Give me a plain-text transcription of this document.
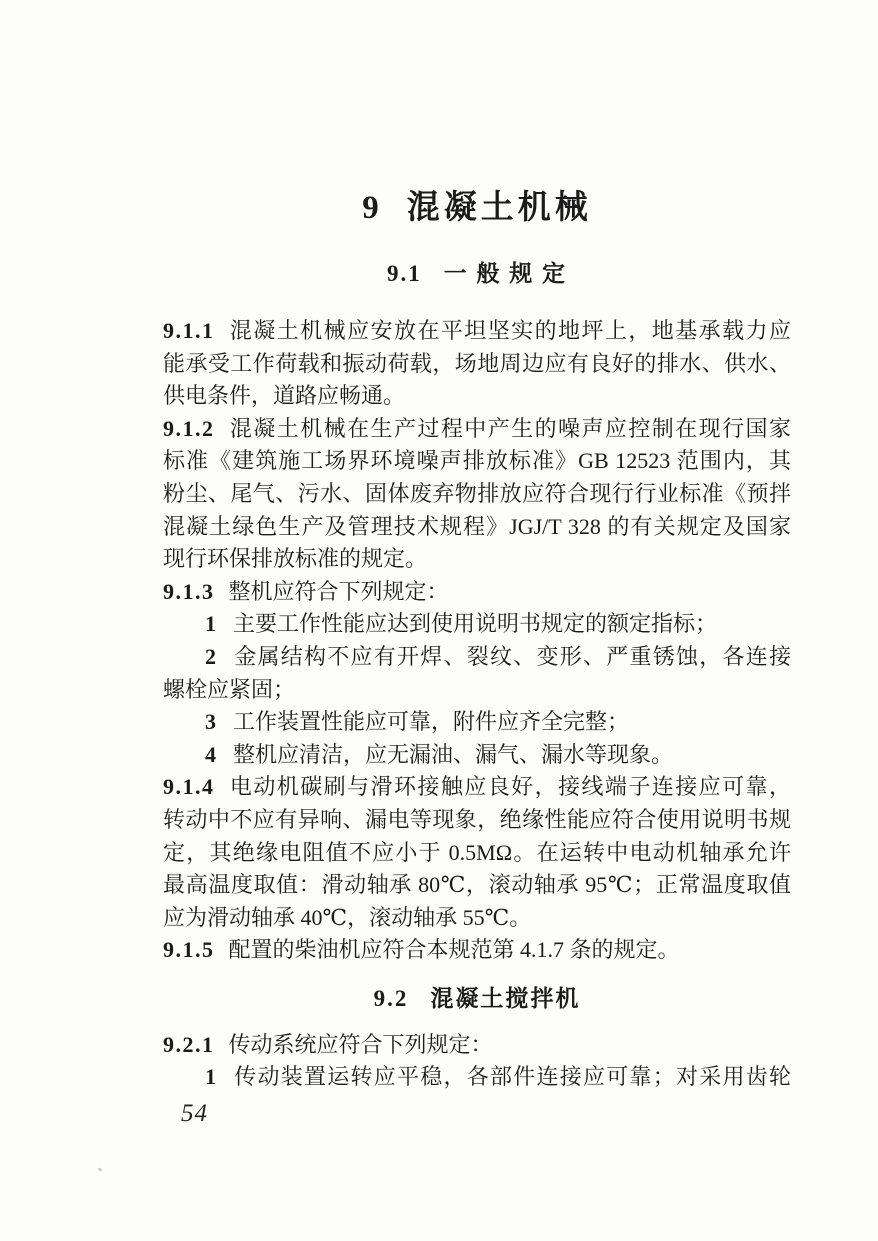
9 混凝土机械
9.1 一 般 规 定
9.1.1 混凝土机械应安放在平坦坚实的地坪上，地基承载力应
能承受工作荷载和振动荷载，场地周边应有良好的排水、供水、
供电条件，道路应畅通。
9.1.2 混凝土机械在生产过程中产生的噪声应控制在现行国家
标准《建筑施工场界环境噪声排放标准》GB 12523 范围内，其
粉尘、尾气、污水、固体废弃物排放应符合现行行业标准《预拌
混凝土绿色生产及管理技术规程》JGJ/T 328 的有关规定及国家
现行环保排放标准的规定。
9.1.3 整机应符合下列规定：
1 主要工作性能应达到使用说明书规定的额定指标；
2 金属结构不应有开焊、裂纹、变形、严重锈蚀，各连接
螺栓应紧固；
3 工作装置性能应可靠，附件应齐全完整；
4 整机应清洁，应无漏油、漏气、漏水等现象。
9.1.4 电动机碳刷与滑环接触应良好，接线端子连接应可靠，
转动中不应有异响、漏电等现象，绝缘性能应符合使用说明书规
定，其绝缘电阻值不应小于 0.5MΩ。在运转中电动机轴承允许
最高温度取值：滑动轴承 80℃，滚动轴承 95℃；正常温度取值
应为滑动轴承 40℃，滚动轴承 55℃。
9.1.5 配置的柴油机应符合本规范第 4.1.7 条的规定。
9.2 混凝土搅拌机
9.2.1 传动系统应符合下列规定：
1 传动装置运转应平稳，各部件连接应可靠；对采用齿轮
54
